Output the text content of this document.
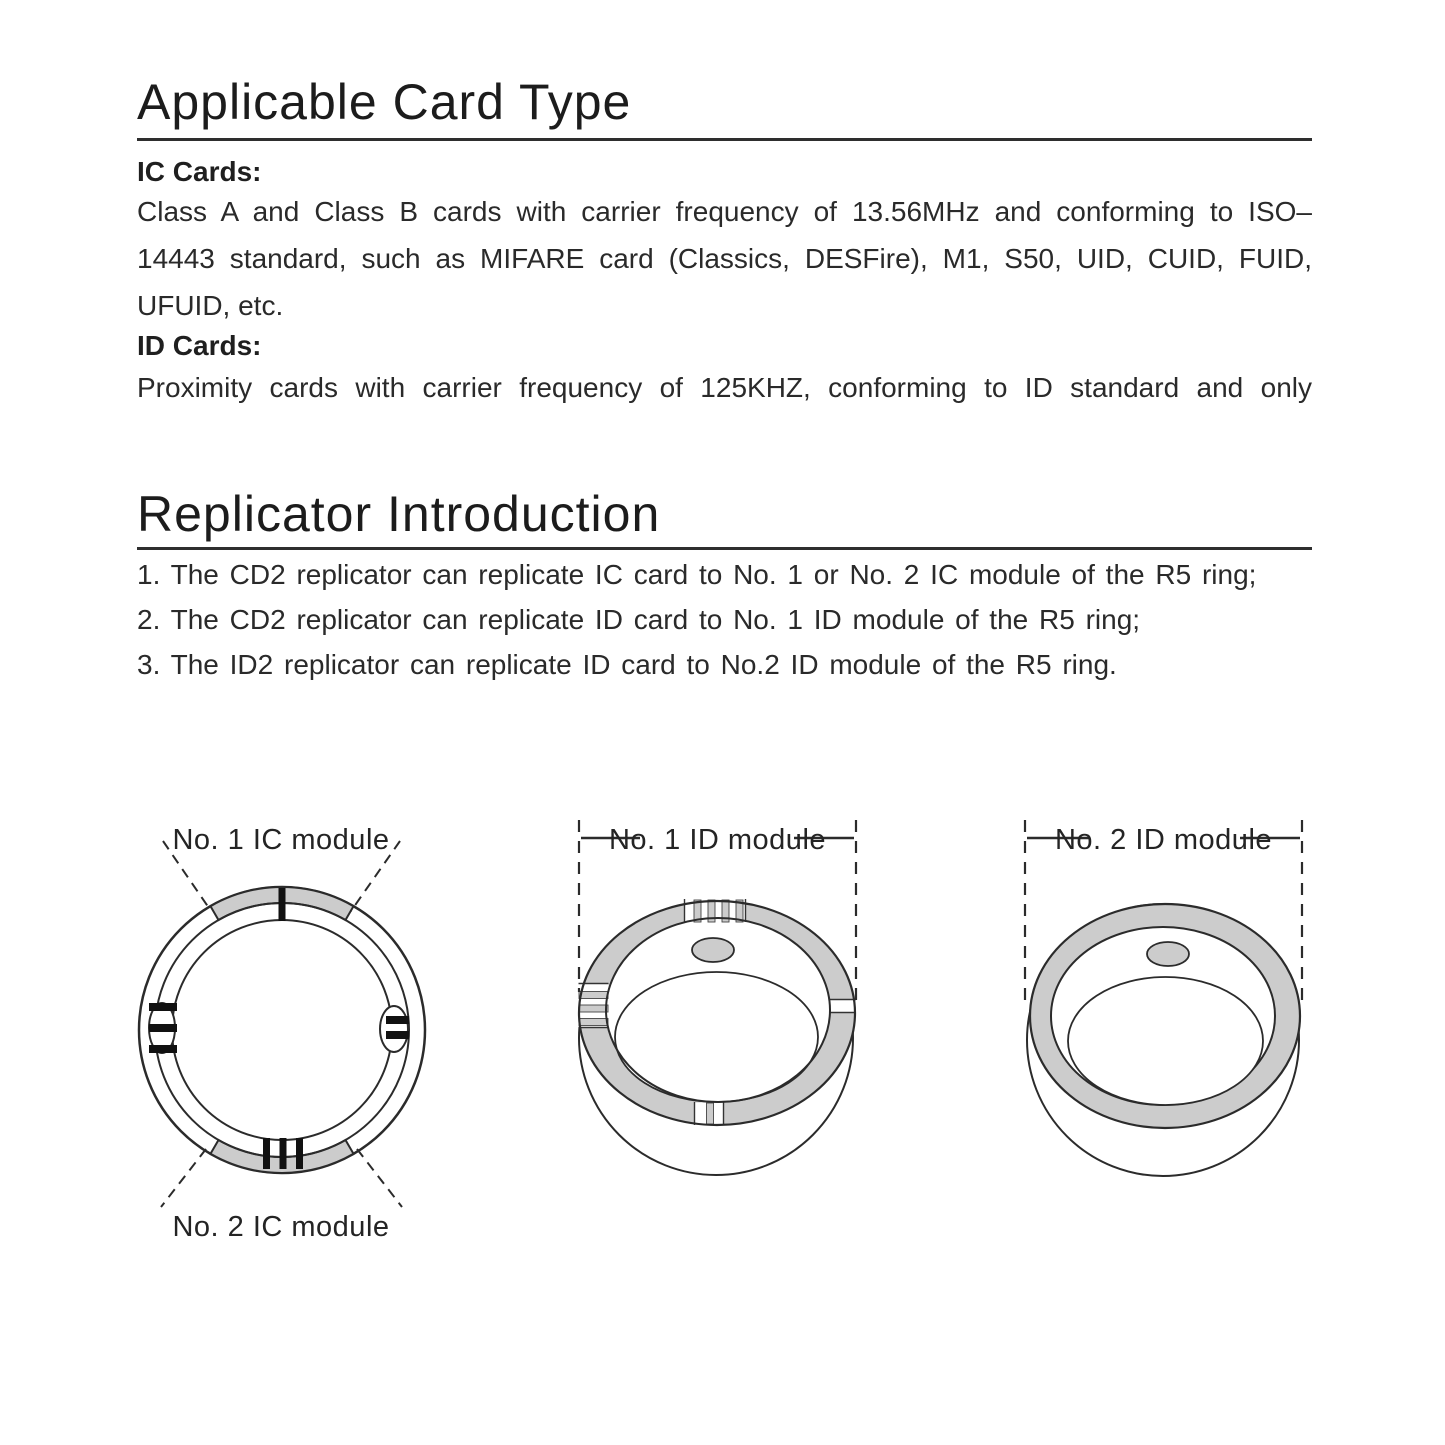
Applicable Card Type
IC Cards:
Class A and Class B cards with carrier frequency of 13.56MHz and conforming to ISO–
14443 standard, such as MIFARE card (Classics, DESFire), M1, S50, UID, CUID, FUID,
UFUID, etc.
ID Cards:
Proximity cards with carrier frequency of 125KHZ, conforming to ID standard and only
Replicator Introduction
1. The CD2 replicator can replicate IC card to No. 1 or No. 2 IC module of the R5 ring;
2. The CD2 replicator can replicate ID card to No. 1 ID module of the R5 ring;
3. The ID2 replicator can replicate ID card to No.2 ID module of the R5 ring.
No. 1 IC module
No. 2 IC module
No. 1 ID module	No. 2 ID module
